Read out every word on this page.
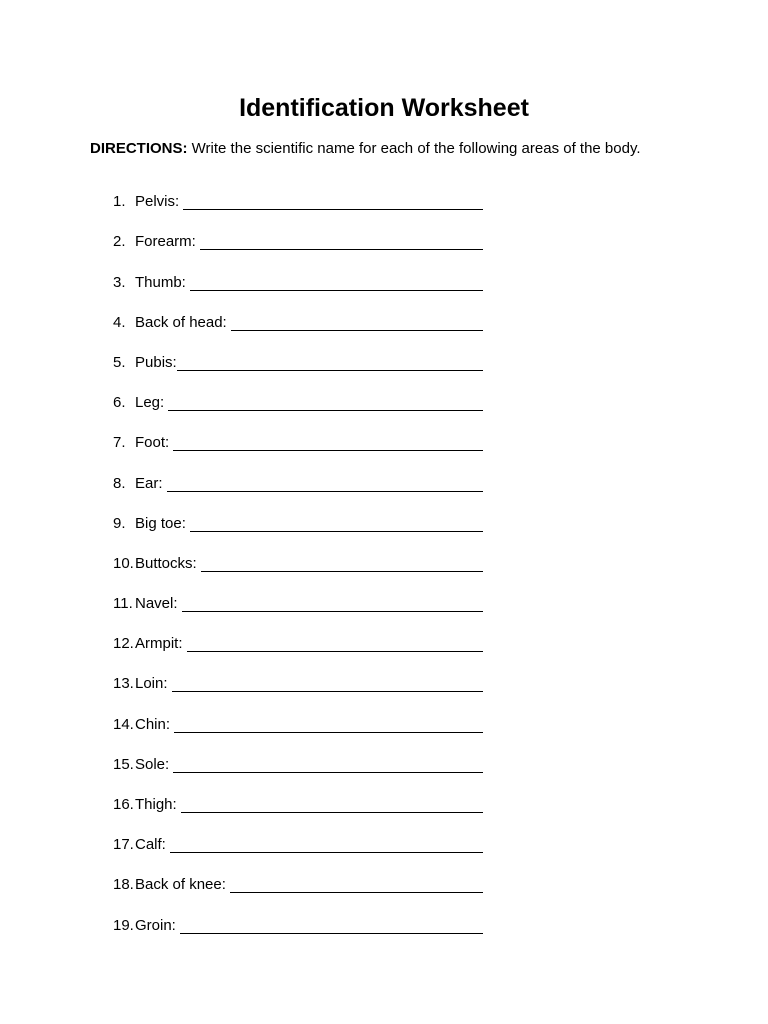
Identification Worksheet
DIRECTIONS: Write the scientific name for each of the following areas of the body.
1. Pelvis:
2. Forearm:
3. Thumb:
4. Back of head:
5. Pubis:
6. Leg:
7. Foot:
8. Ear:
9. Big toe:
10. Buttocks:
11. Navel:
12. Armpit:
13. Loin:
14. Chin:
15. Sole:
16. Thigh:
17. Calf:
18. Back of knee:
19. Groin:
